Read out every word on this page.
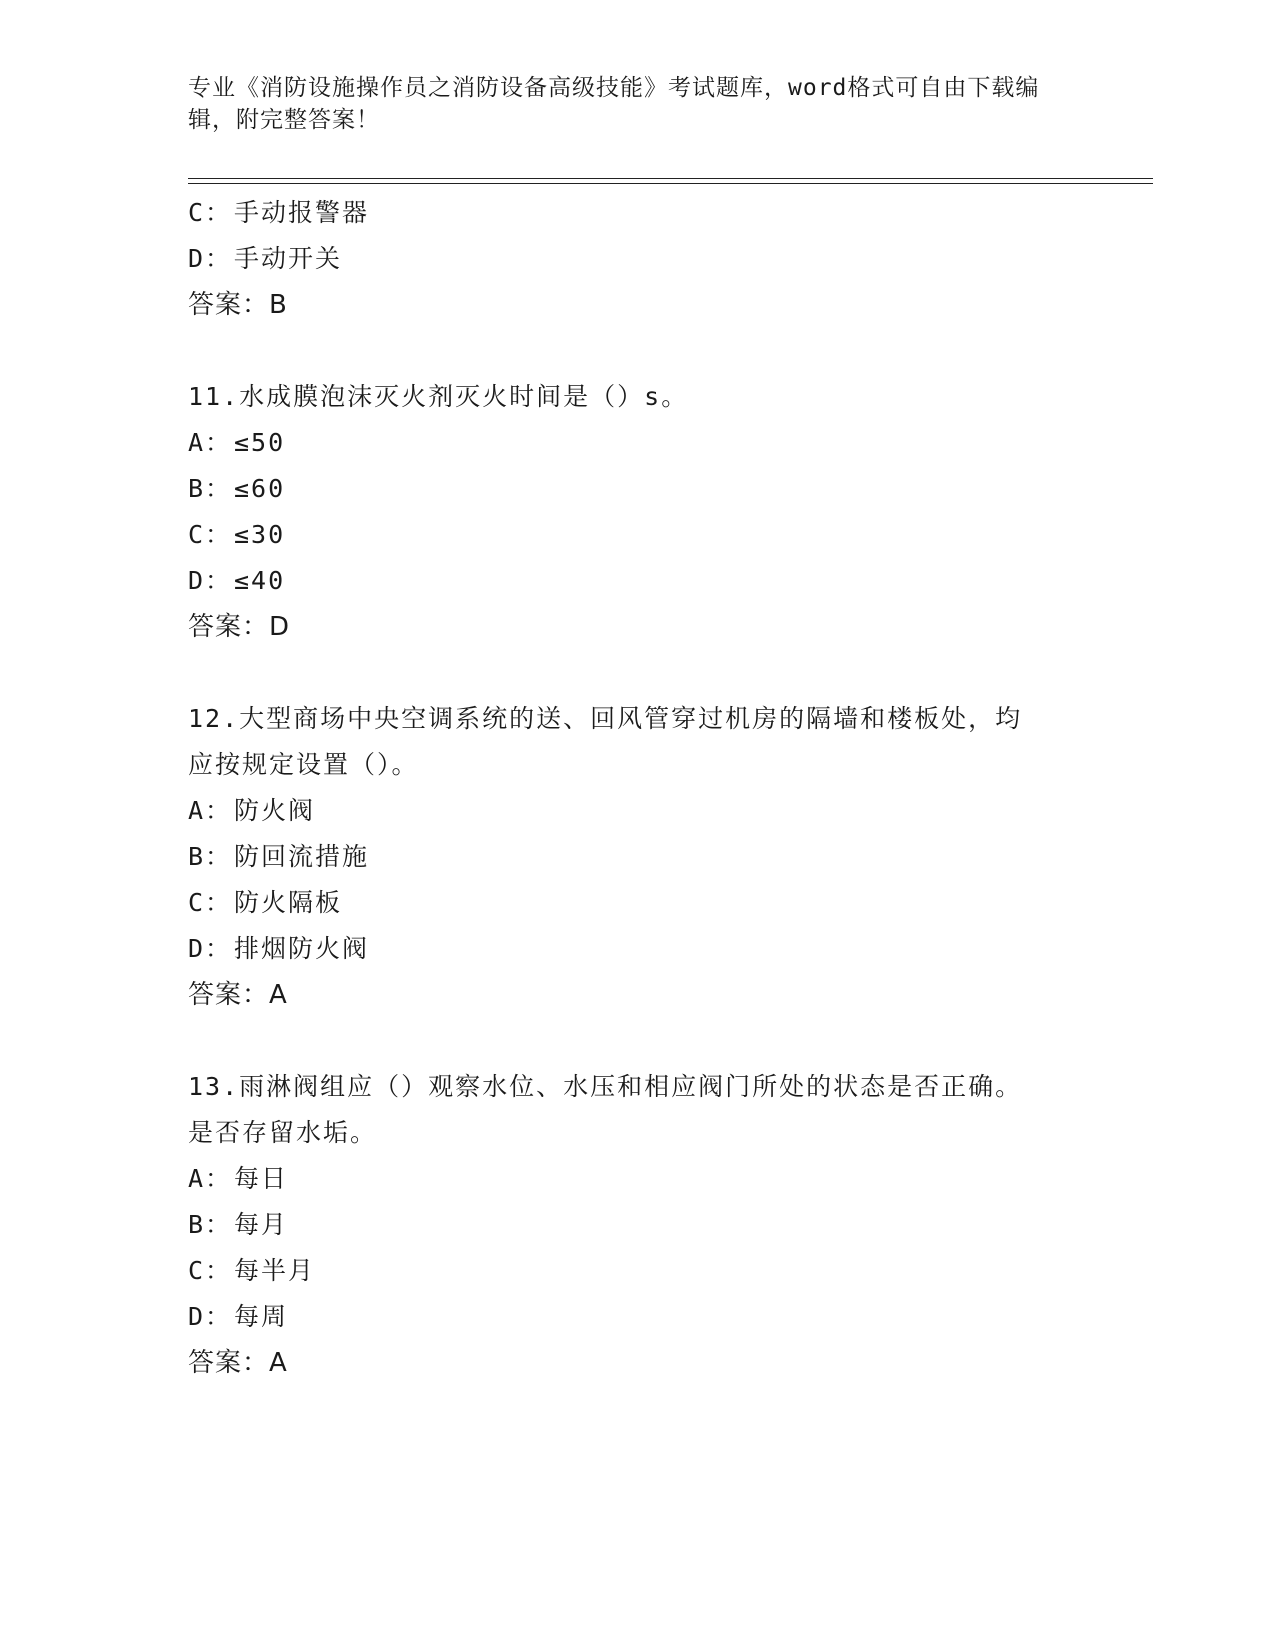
专业《消防设施操作员之消防设备高级技能》考试题库，word格式可自由下载编
辑，附完整答案！
C：手动报警器
D：手动开关
答案：B
11.水成膜泡沫灭火剂灭火时间是（）s。
A：≤50
B：≤60
C：≤30
D：≤40
答案：D
12.大型商场中央空调系统的送、回风管穿过机房的隔墙和楼板处，均
应按规定设置（）。
A：防火阀
B：防回流措施
C：防火隔板
D：排烟防火阀
答案：A
13.雨淋阀组应（）观察水位、水压和相应阀门所处的状态是否正确。
是否存留水垢。
A：每日
B：每月
C：每半月
D：每周
答案：A
